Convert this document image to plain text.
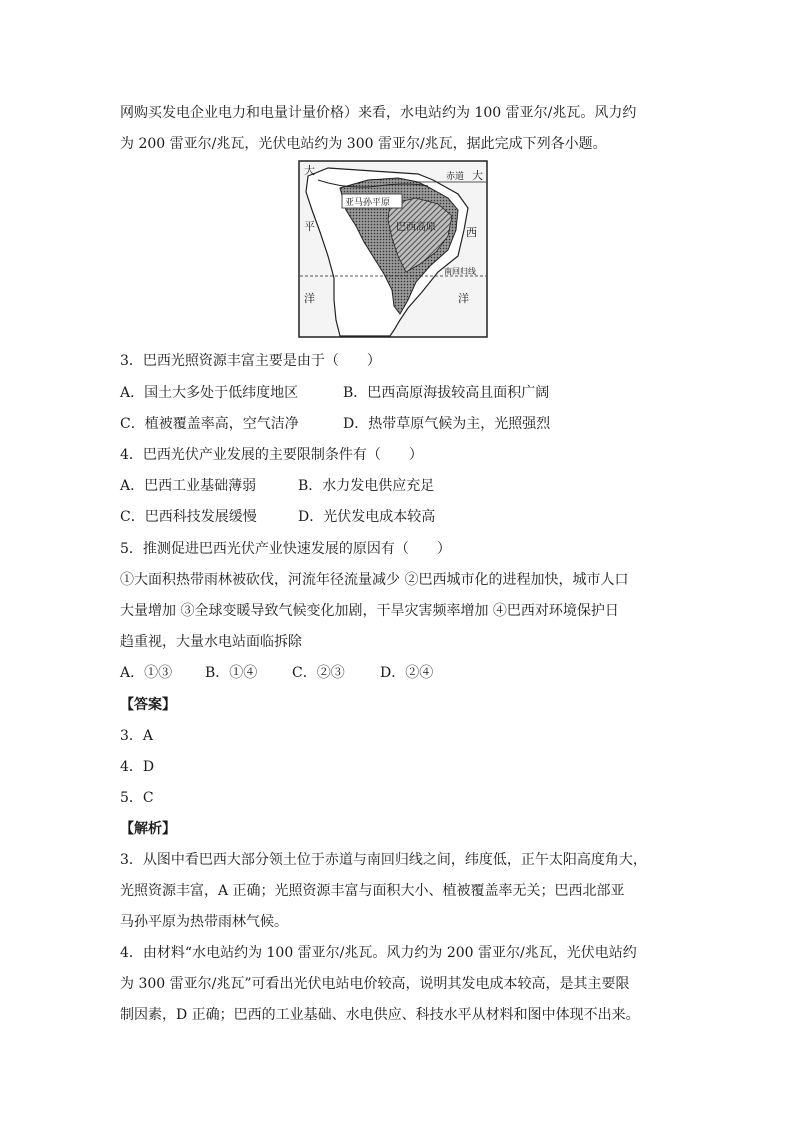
网购买发电企业电力和电量计量价格）来看，水电站约为 100 雷亚尔/兆瓦。风力约
为 200 雷亚尔/兆瓦，光伏电站约为 300 雷亚尔/兆瓦，据此完成下列各小题。
大
平
洋
赤道 大
西
洋
亚马孙平原
巴西高原
南回归线
3．巴西光照资源丰富主要是由于（　　）
A．国土大多处于低纬度地区	B．巴西高原海拔较高且面积广阔
C．植被覆盖率高，空气洁净	D．热带草原气候为主，光照强烈
4．巴西光伏产业发展的主要限制条件有（　　）
A．巴西工业基础薄弱	B．水力发电供应充足
C．巴西科技发展缓慢	D．光伏发电成本较高
5．推测促进巴西光伏产业快速发展的原因有（　　）
①大面积热带雨林被砍伐，河流年径流量减少 ②巴西城市化的进程加快，城市人口
大量增加 ③全球变暖导致气候变化加剧，干旱灾害频率增加 ④巴西对环境保护日
趋重视，大量水电站面临拆除
A．①③ B．①④ C．②③	D．②④
【答案】
3．A
4．D
5．C
【解析】
3．从图中看巴西大部分领土位于赤道与南回归线之间，纬度低，正午太阳高度角大，
光照资源丰富，A 正确；光照资源丰富与面积大小、植被覆盖率无关；巴西北部亚
马孙平原为热带雨林气候。
4．由材料“水电站约为 100 雷亚尔/兆瓦。风力约为 200 雷亚尔/兆瓦，光伏电站约
为 300 雷亚尔/兆瓦”可看出光伏电站电价较高，说明其发电成本较高，是其主要限
制因素，D 正确；巴西的工业基础、水电供应、科技水平从材料和图中体现不出来。
